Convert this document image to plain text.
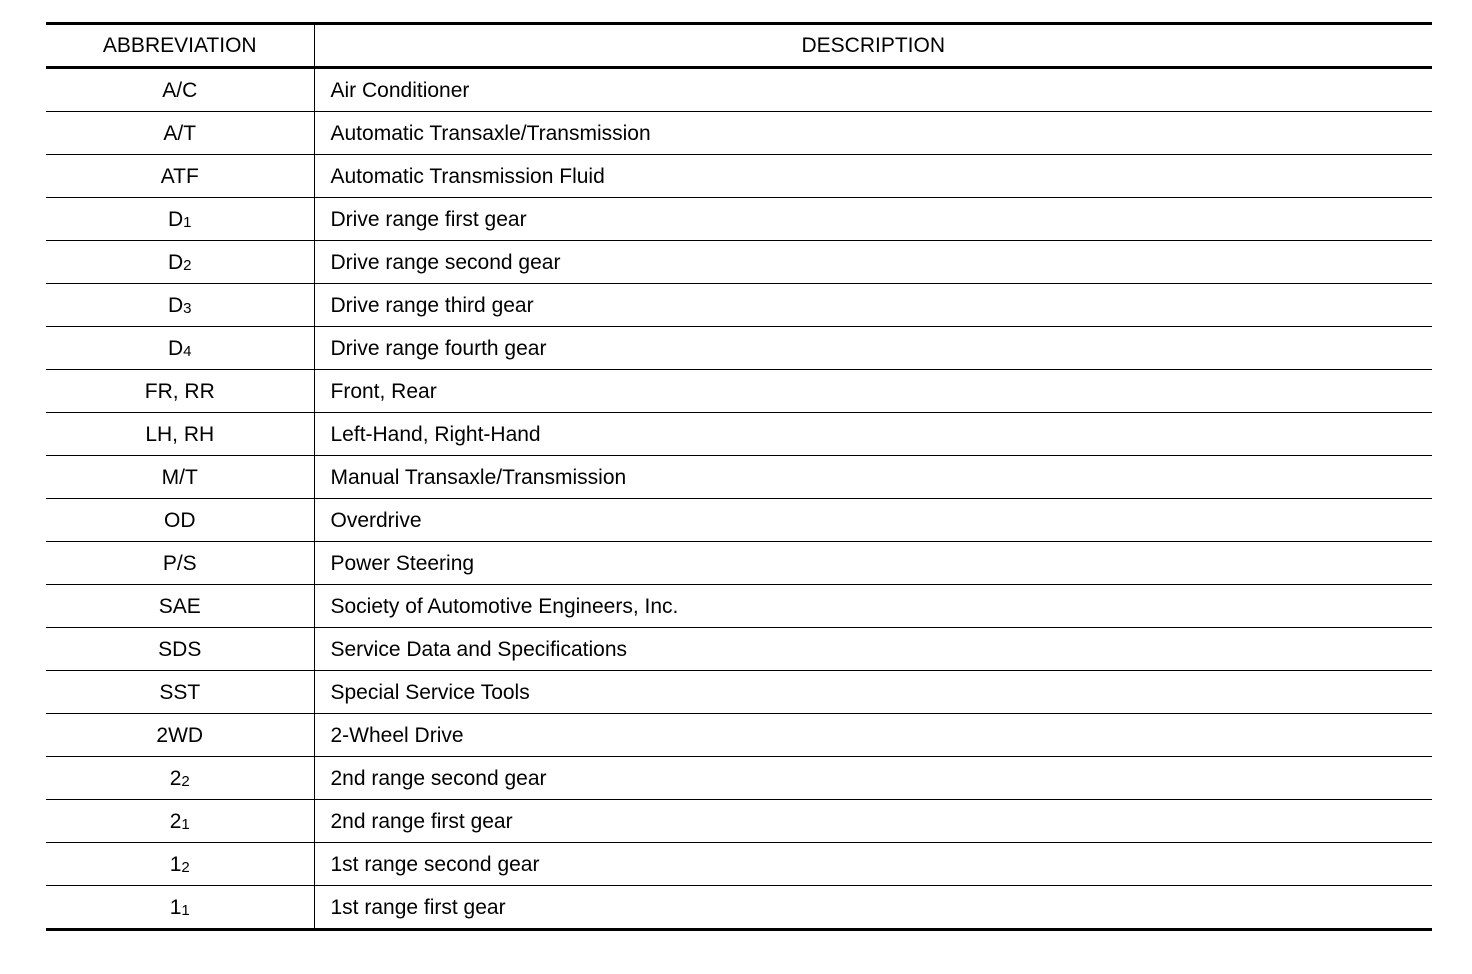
ABBREVIATION	DESCRIPTION
A/C	Air Conditioner
A/T	Automatic Transaxle/Transmission
ATF	Automatic Transmission Fluid
D1	Drive range first gear
D2	Drive range second gear
D3	Drive range third gear
D4	Drive range fourth gear
FR, RR	Front, Rear
LH, RH	Left-Hand, Right-Hand
M/T	Manual Transaxle/Transmission
OD	Overdrive
P/S	Power Steering
SAE	Society of Automotive Engineers, Inc.
SDS	Service Data and Specifications
SST	Special Service Tools
2WD	2-Wheel Drive
22	2nd range second gear
21	2nd range first gear
12	1st range second gear
11	1st range first gear
